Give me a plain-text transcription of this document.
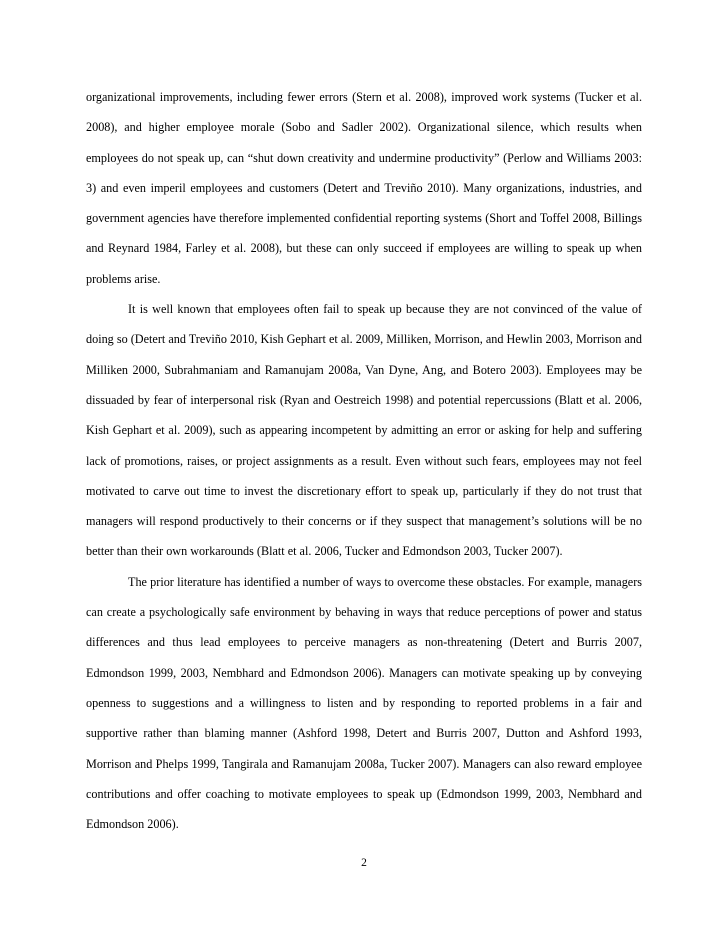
organizational improvements, including fewer errors (Stern et al. 2008), improved work systems (Tucker et al. 2008), and higher employee morale (Sobo and Sadler 2002). Organizational silence, which results when employees do not speak up, can “shut down creativity and undermine productivity” (Perlow and Williams 2003: 3) and even imperil employees and customers (Detert and Treviño 2010). Many organizations, industries, and government agencies have therefore implemented confidential reporting systems (Short and Toffel 2008, Billings and Reynard 1984, Farley et al. 2008), but these can only succeed if employees are willing to speak up when problems arise.

It is well known that employees often fail to speak up because they are not convinced of the value of doing so (Detert and Treviño 2010, Kish Gephart et al. 2009, Milliken, Morrison, and Hewlin 2003, Morrison and Milliken 2000, Subrahmaniam and Ramanujam 2008a, Van Dyne, Ang, and Botero 2003). Employees may be dissuaded by fear of interpersonal risk (Ryan and Oestreich 1998) and potential repercussions (Blatt et al. 2006, Kish Gephart et al. 2009), such as appearing incompetent by admitting an error or asking for help and suffering lack of promotions, raises, or project assignments as a result. Even without such fears, employees may not feel motivated to carve out time to invest the discretionary effort to speak up, particularly if they do not trust that managers will respond productively to their concerns or if they suspect that management’s solutions will be no better than their own workarounds (Blatt et al. 2006, Tucker and Edmondson 2003, Tucker 2007).

The prior literature has identified a number of ways to overcome these obstacles. For example, managers can create a psychologically safe environment by behaving in ways that reduce perceptions of power and status differences and thus lead employees to perceive managers as non-threatening (Detert and Burris 2007, Edmondson 1999, 2003, Nembhard and Edmondson 2006). Managers can motivate speaking up by conveying openness to suggestions and a willingness to listen and by responding to reported problems in a fair and supportive rather than blaming manner (Ashford 1998, Detert and Burris 2007, Dutton and Ashford 1993, Morrison and Phelps 1999, Tangirala and Ramanujam 2008a, Tucker 2007). Managers can also reward employee contributions and offer coaching to motivate employees to speak up (Edmondson 1999, 2003, Nembhard and Edmondson 2006).

2
